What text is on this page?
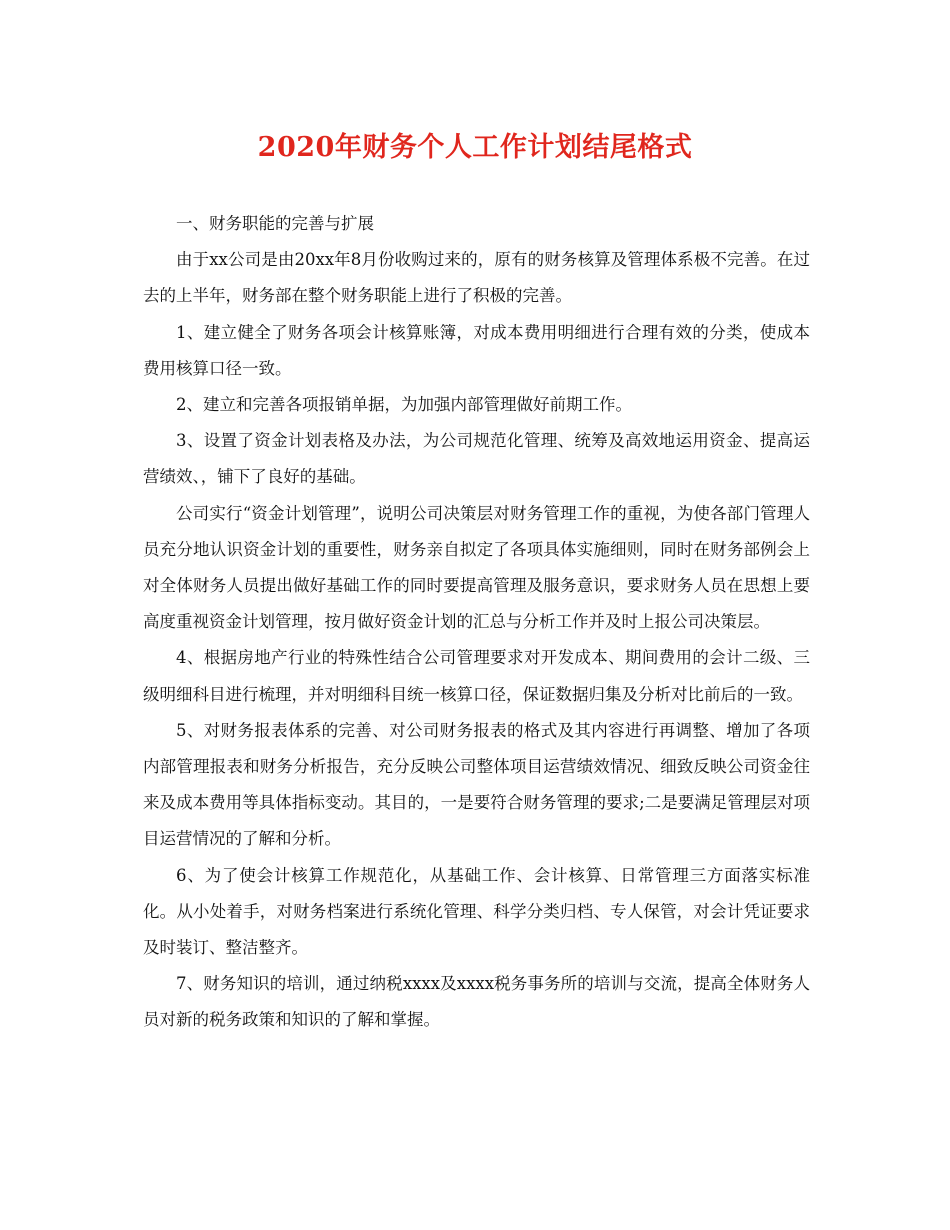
2020年财务个人工作计划结尾格式

一、财务职能的完善与扩展

由于xx公司是由20xx年8月份收购过来的，原有的财务核算及管理体系极不完善。在过去的上半年，财务部在整个财务职能上进行了积极的完善。

1、建立健全了财务各项会计核算账簿，对成本费用明细进行合理有效的分类，使成本费用核算口径一致。

2、建立和完善各项报销单据，为加强内部管理做好前期工作。

3、设置了资金计划表格及办法，为公司规范化管理、统筹及高效地运用资金、提高运营绩效、，铺下了良好的基础。

公司实行“资金计划管理”，说明公司决策层对财务管理工作的重视，为使各部门管理人员充分地认识资金计划的重要性，财务亲自拟定了各项具体实施细则，同时在财务部例会上对全体财务人员提出做好基础工作的同时要提高管理及服务意识，要求财务人员在思想上要高度重视资金计划管理，按月做好资金计划的汇总与分析工作并及时上报公司决策层。

4、根据房地产行业的特殊性结合公司管理要求对开发成本、期间费用的会计二级、三级明细科目进行梳理，并对明细科目统一核算口径，保证数据归集及分析对比前后的一致。

5、对财务报表体系的完善、对公司财务报表的格式及其内容进行再调整、增加了各项内部管理报表和财务分析报告，充分反映公司整体项目运营绩效情况、细致反映公司资金往来及成本费用等具体指标变动。其目的，一是要符合财务管理的要求;二是要满足管理层对项目运营情况的了解和分析。

6、为了使会计核算工作规范化，从基础工作、会计核算、日常管理三方面落实标准化。从小处着手，对财务档案进行系统化管理、科学分类归档、专人保管，对会计凭证要求及时装订、整洁整齐。

7、财务知识的培训，通过纳税xxxx及xxxx税务事务所的培训与交流，提高全体财务人员对新的税务政策和知识的了解和掌握。
